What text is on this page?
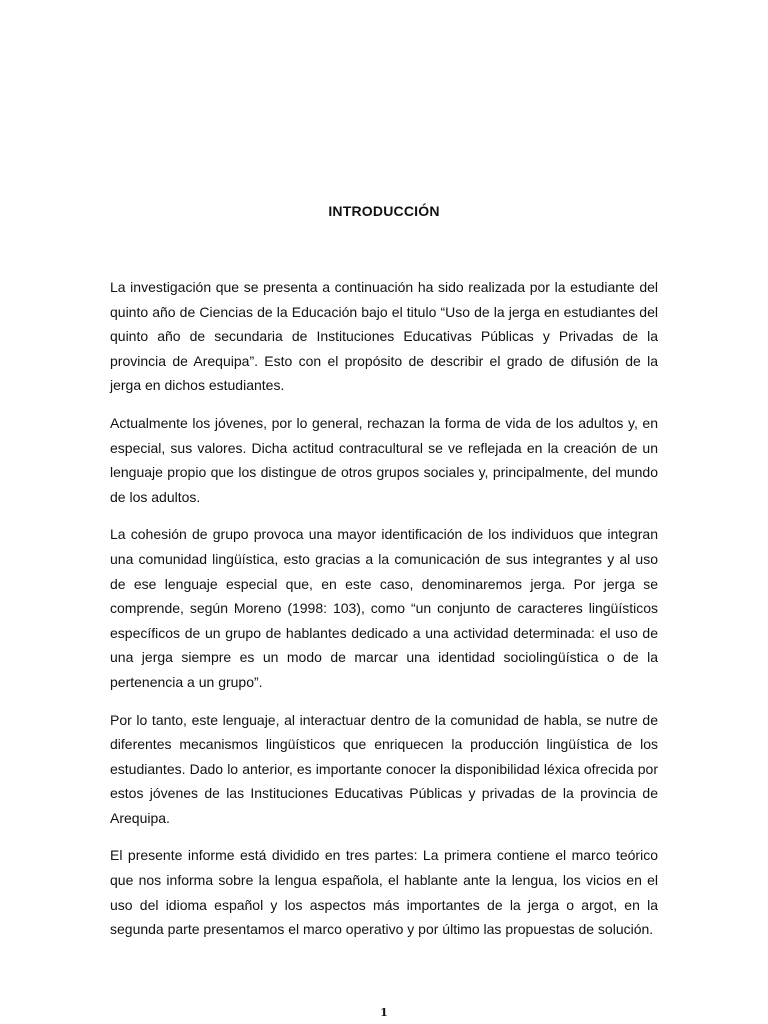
INTRODUCCIÓN

La investigación que se presenta a continuación ha sido realizada por la estudiante del quinto año de Ciencias de la Educación bajo el titulo “Uso de la jerga en estudiantes del quinto año de secundaria de Instituciones Educativas Públicas y Privadas de la provincia de Arequipa”. Esto con el propósito de describir el grado de difusión de la jerga en dichos estudiantes.

Actualmente los jóvenes, por lo general, rechazan la forma de vida de los adultos y, en especial, sus valores. Dicha actitud contracultural se ve reflejada en la creación de un lenguaje propio que los distingue de otros grupos sociales y, principalmente, del mundo de los adultos.

La cohesión de grupo provoca una mayor identificación de los individuos que integran una comunidad lingüística, esto gracias a la comunicación de sus integrantes y al uso de ese lenguaje especial que, en este caso, denominaremos jerga. Por jerga se comprende, según Moreno (1998: 103), como “un conjunto de caracteres lingüísticos específicos de un grupo de hablantes dedicado a una actividad determinada: el uso de una jerga siempre es un modo de marcar una identidad sociolingüística o de la pertenencia a un grupo”.

Por lo tanto, este lenguaje, al interactuar dentro de la comunidad de habla, se nutre de diferentes mecanismos lingüísticos que enriquecen la producción lingüística de los estudiantes. Dado lo anterior, es importante conocer la disponibilidad léxica ofrecida por estos jóvenes de las Instituciones Educativas Públicas y privadas de la provincia de Arequipa.

El presente informe está dividido en tres partes: La primera contiene el marco teórico que nos informa sobre la lengua española, el hablante ante la lengua, los vicios en el uso del idioma español y los aspectos más importantes de la jerga o argot, en la segunda parte presentamos el marco operativo y por último las propuestas de solución.

1
